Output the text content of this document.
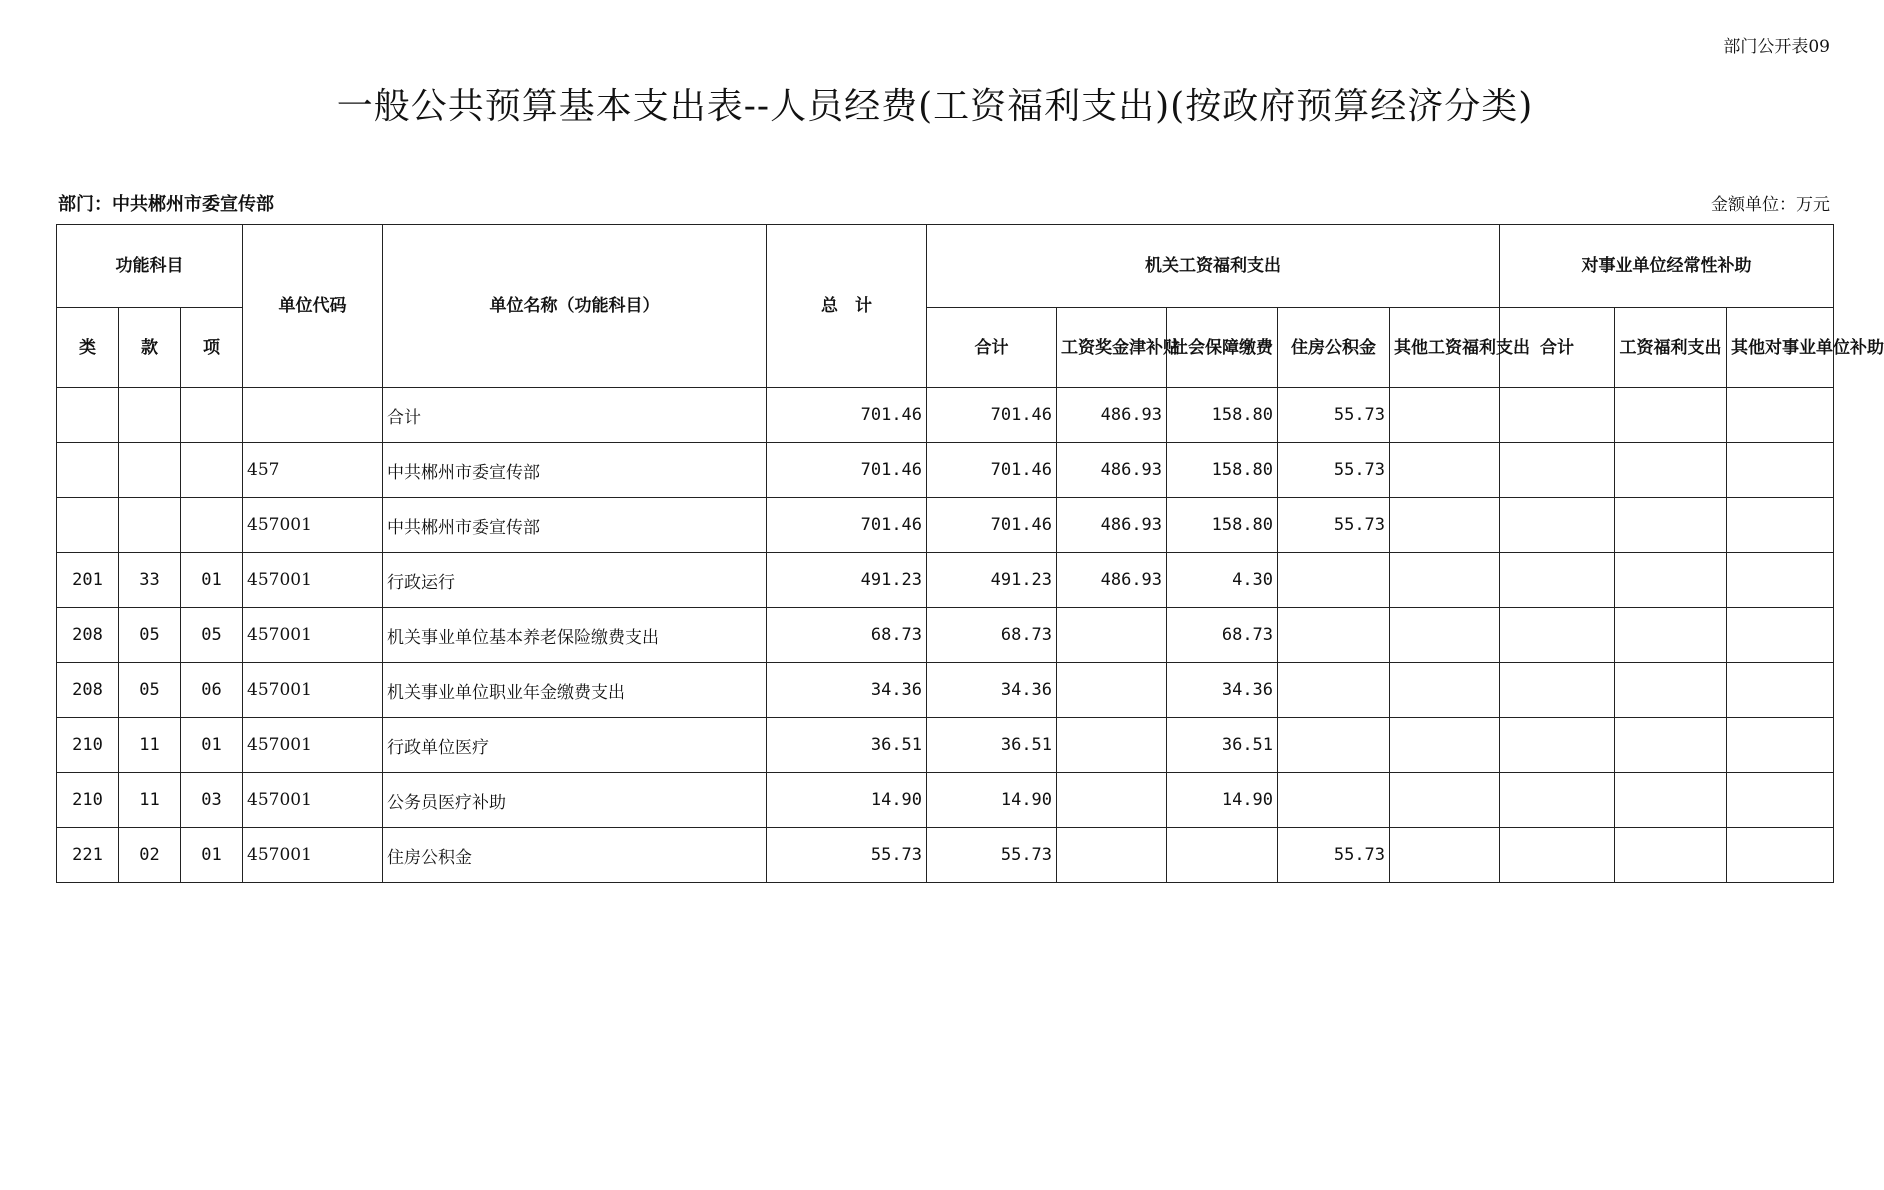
部门公开表09
一般公共预算基本支出表--人员经费(工资福利支出)(按政府预算经济分类)
部门：中共郴州市委宣传部	金额单位：万元
功能科目			单位代码	单位名称（功能科目）	总　计	机关工资福利支出					对事业单位经常性补助		
类	款	项				合计	工资奖金津补贴	社会保障缴费	住房公积金	其他工资福利支出	合计	工资福利支出	其他对事业单位补助
				合计	701.46	701.46	486.93	158.80	55.73				
			457	中共郴州市委宣传部	701.46	701.46	486.93	158.80	55.73				
			457001	中共郴州市委宣传部	701.46	701.46	486.93	158.80	55.73				
201	33	01	457001	行政运行	491.23	491.23	486.93	4.30					
208	05	05	457001	机关事业单位基本养老保险缴费支出	68.73	68.73		68.73					
208	05	06	457001	机关事业单位职业年金缴费支出	34.36	34.36		34.36					
210	11	01	457001	行政单位医疗	36.51	36.51		36.51					
210	11	03	457001	公务员医疗补助	14.90	14.90		14.90					
221	02	01	457001	住房公积金	55.73	55.73			55.73				
